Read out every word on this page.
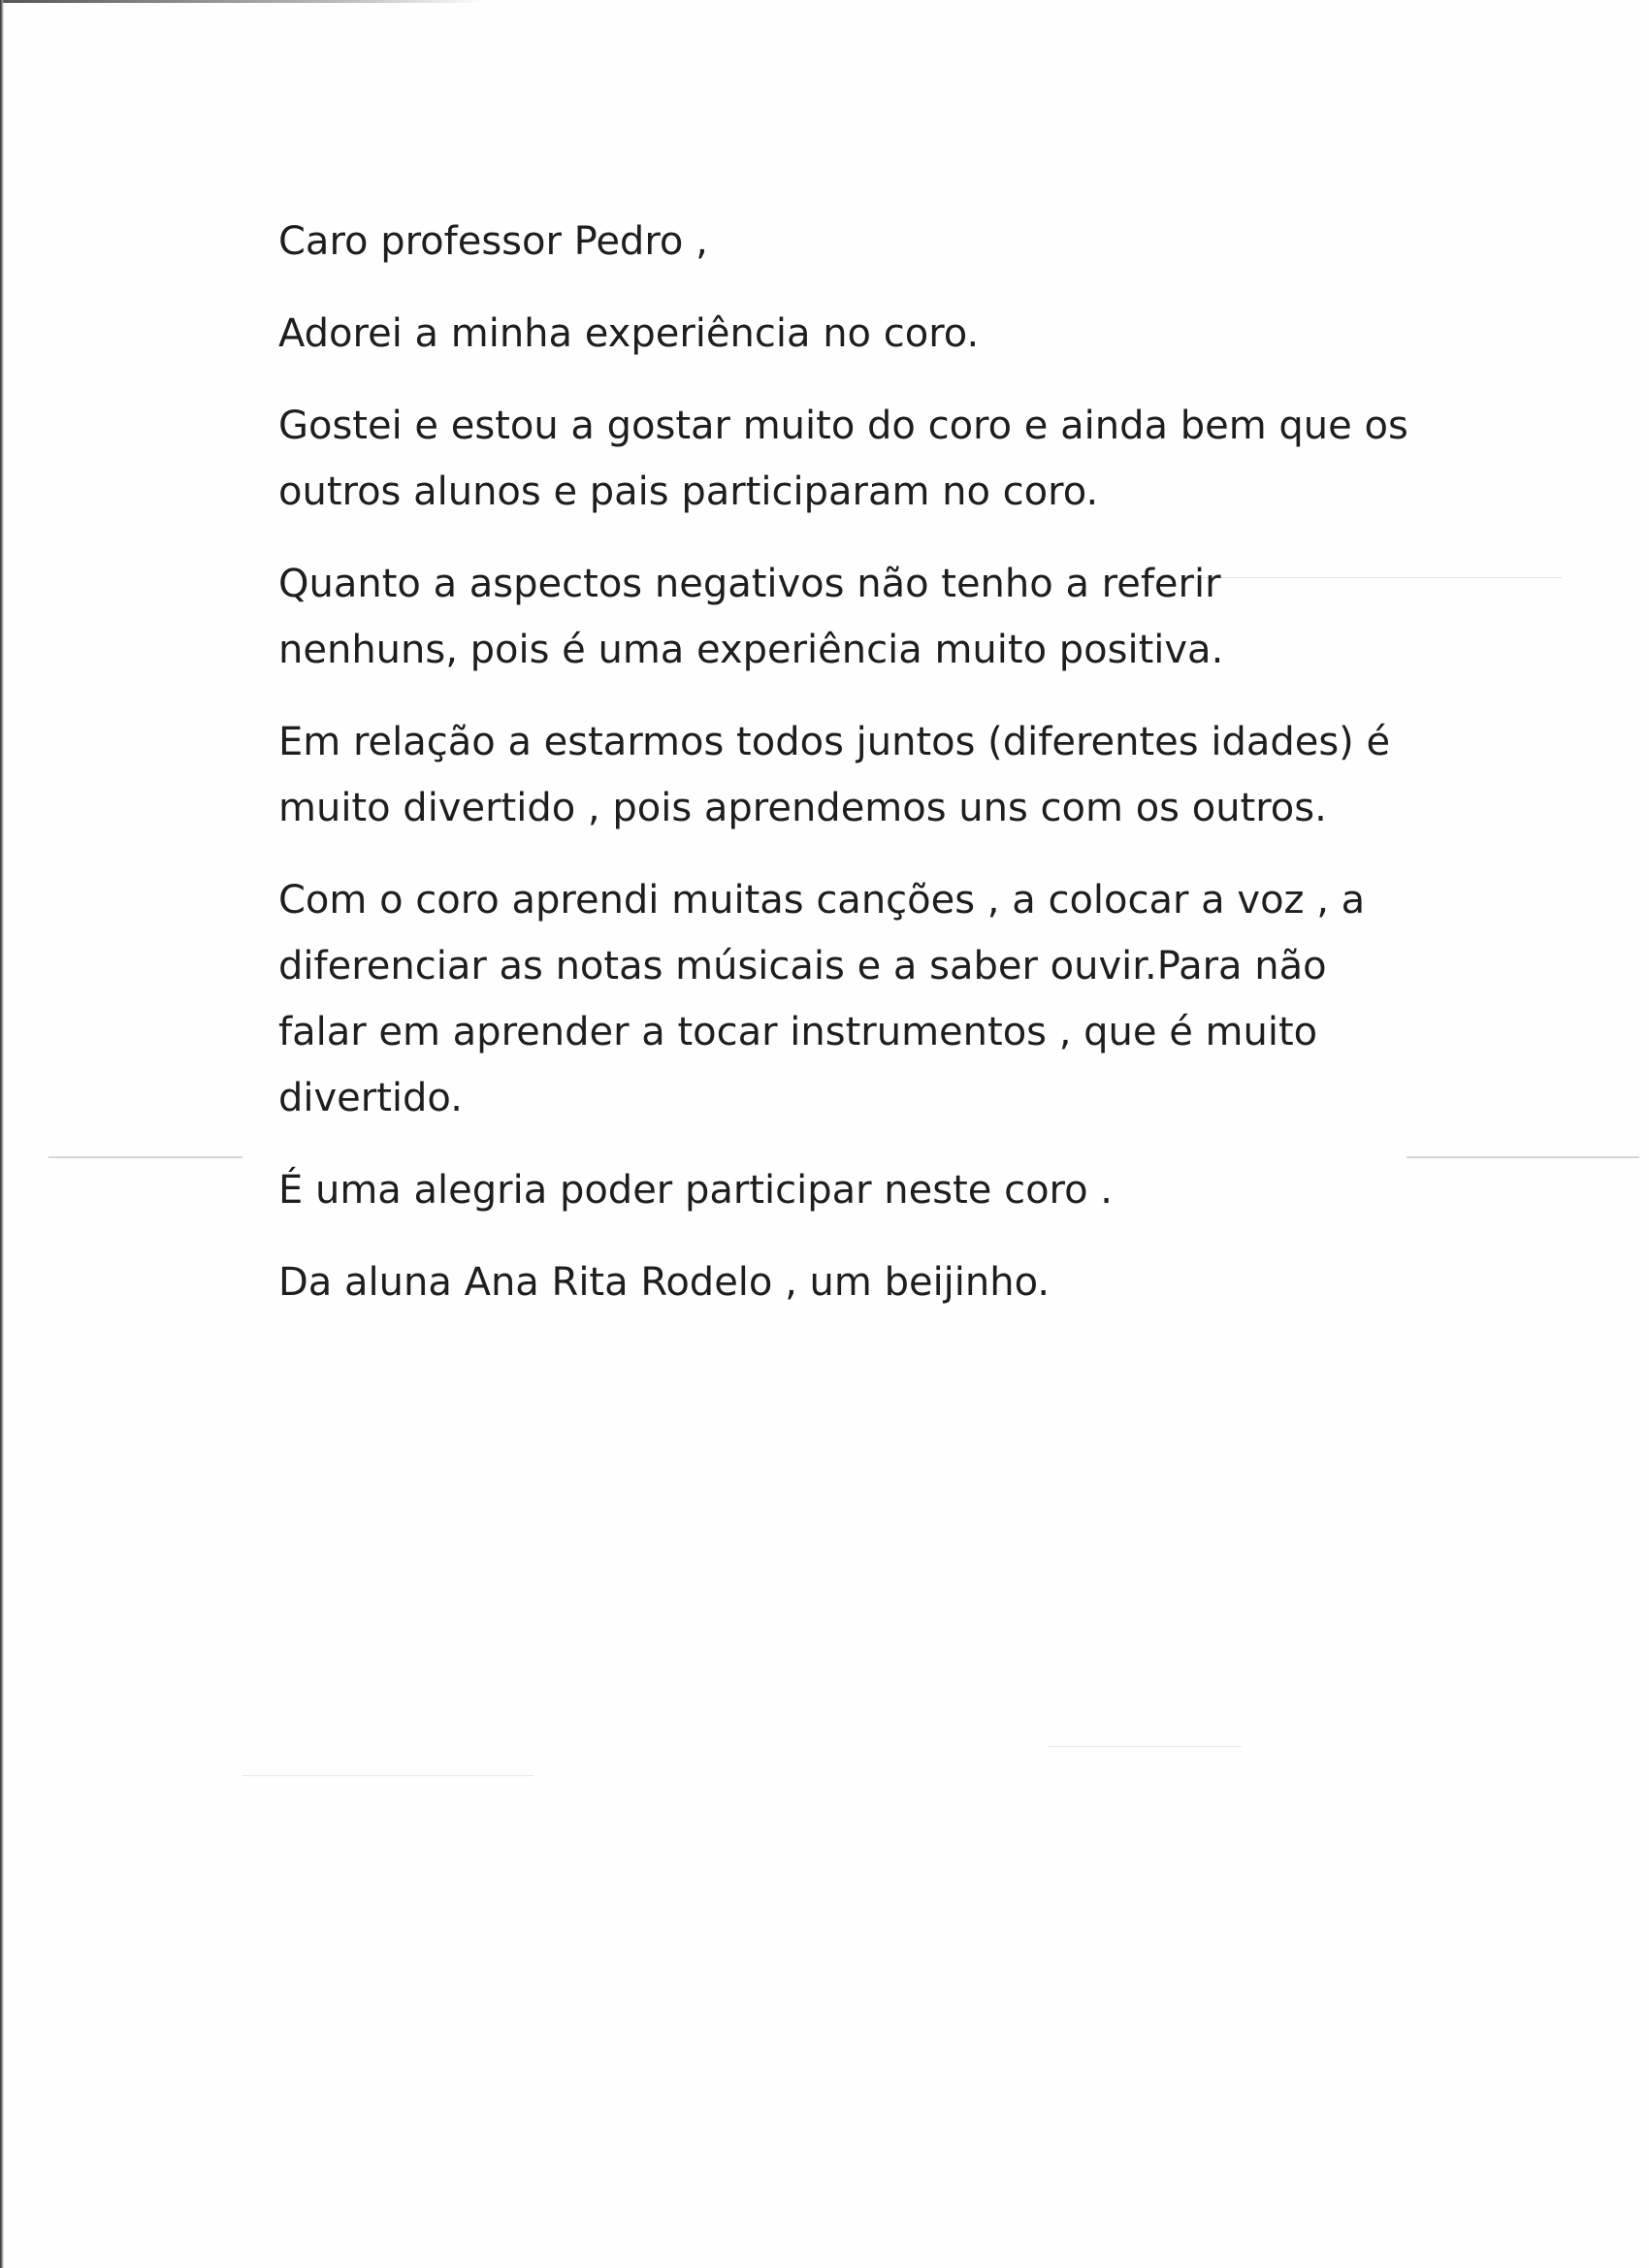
Caro professor Pedro ,

Adorei a minha experiência no coro.

Gostei e estou a gostar muito do coro e ainda bem que os

outros alunos e pais participaram no coro.

Quanto a aspectos negativos não tenho a referir

nenhuns, pois é uma experiência muito positiva.

Em relação a estarmos todos juntos (diferentes idades) é

muito divertido , pois aprendemos uns com os outros.

Com o coro aprendi muitas canções , a colocar a voz , a

diferenciar as notas músicais e a saber ouvir.Para não

falar em aprender a tocar instrumentos , que é muito

divertido.

É uma alegria poder participar neste coro .

Da aluna Ana Rita Rodelo , um beijinho.
